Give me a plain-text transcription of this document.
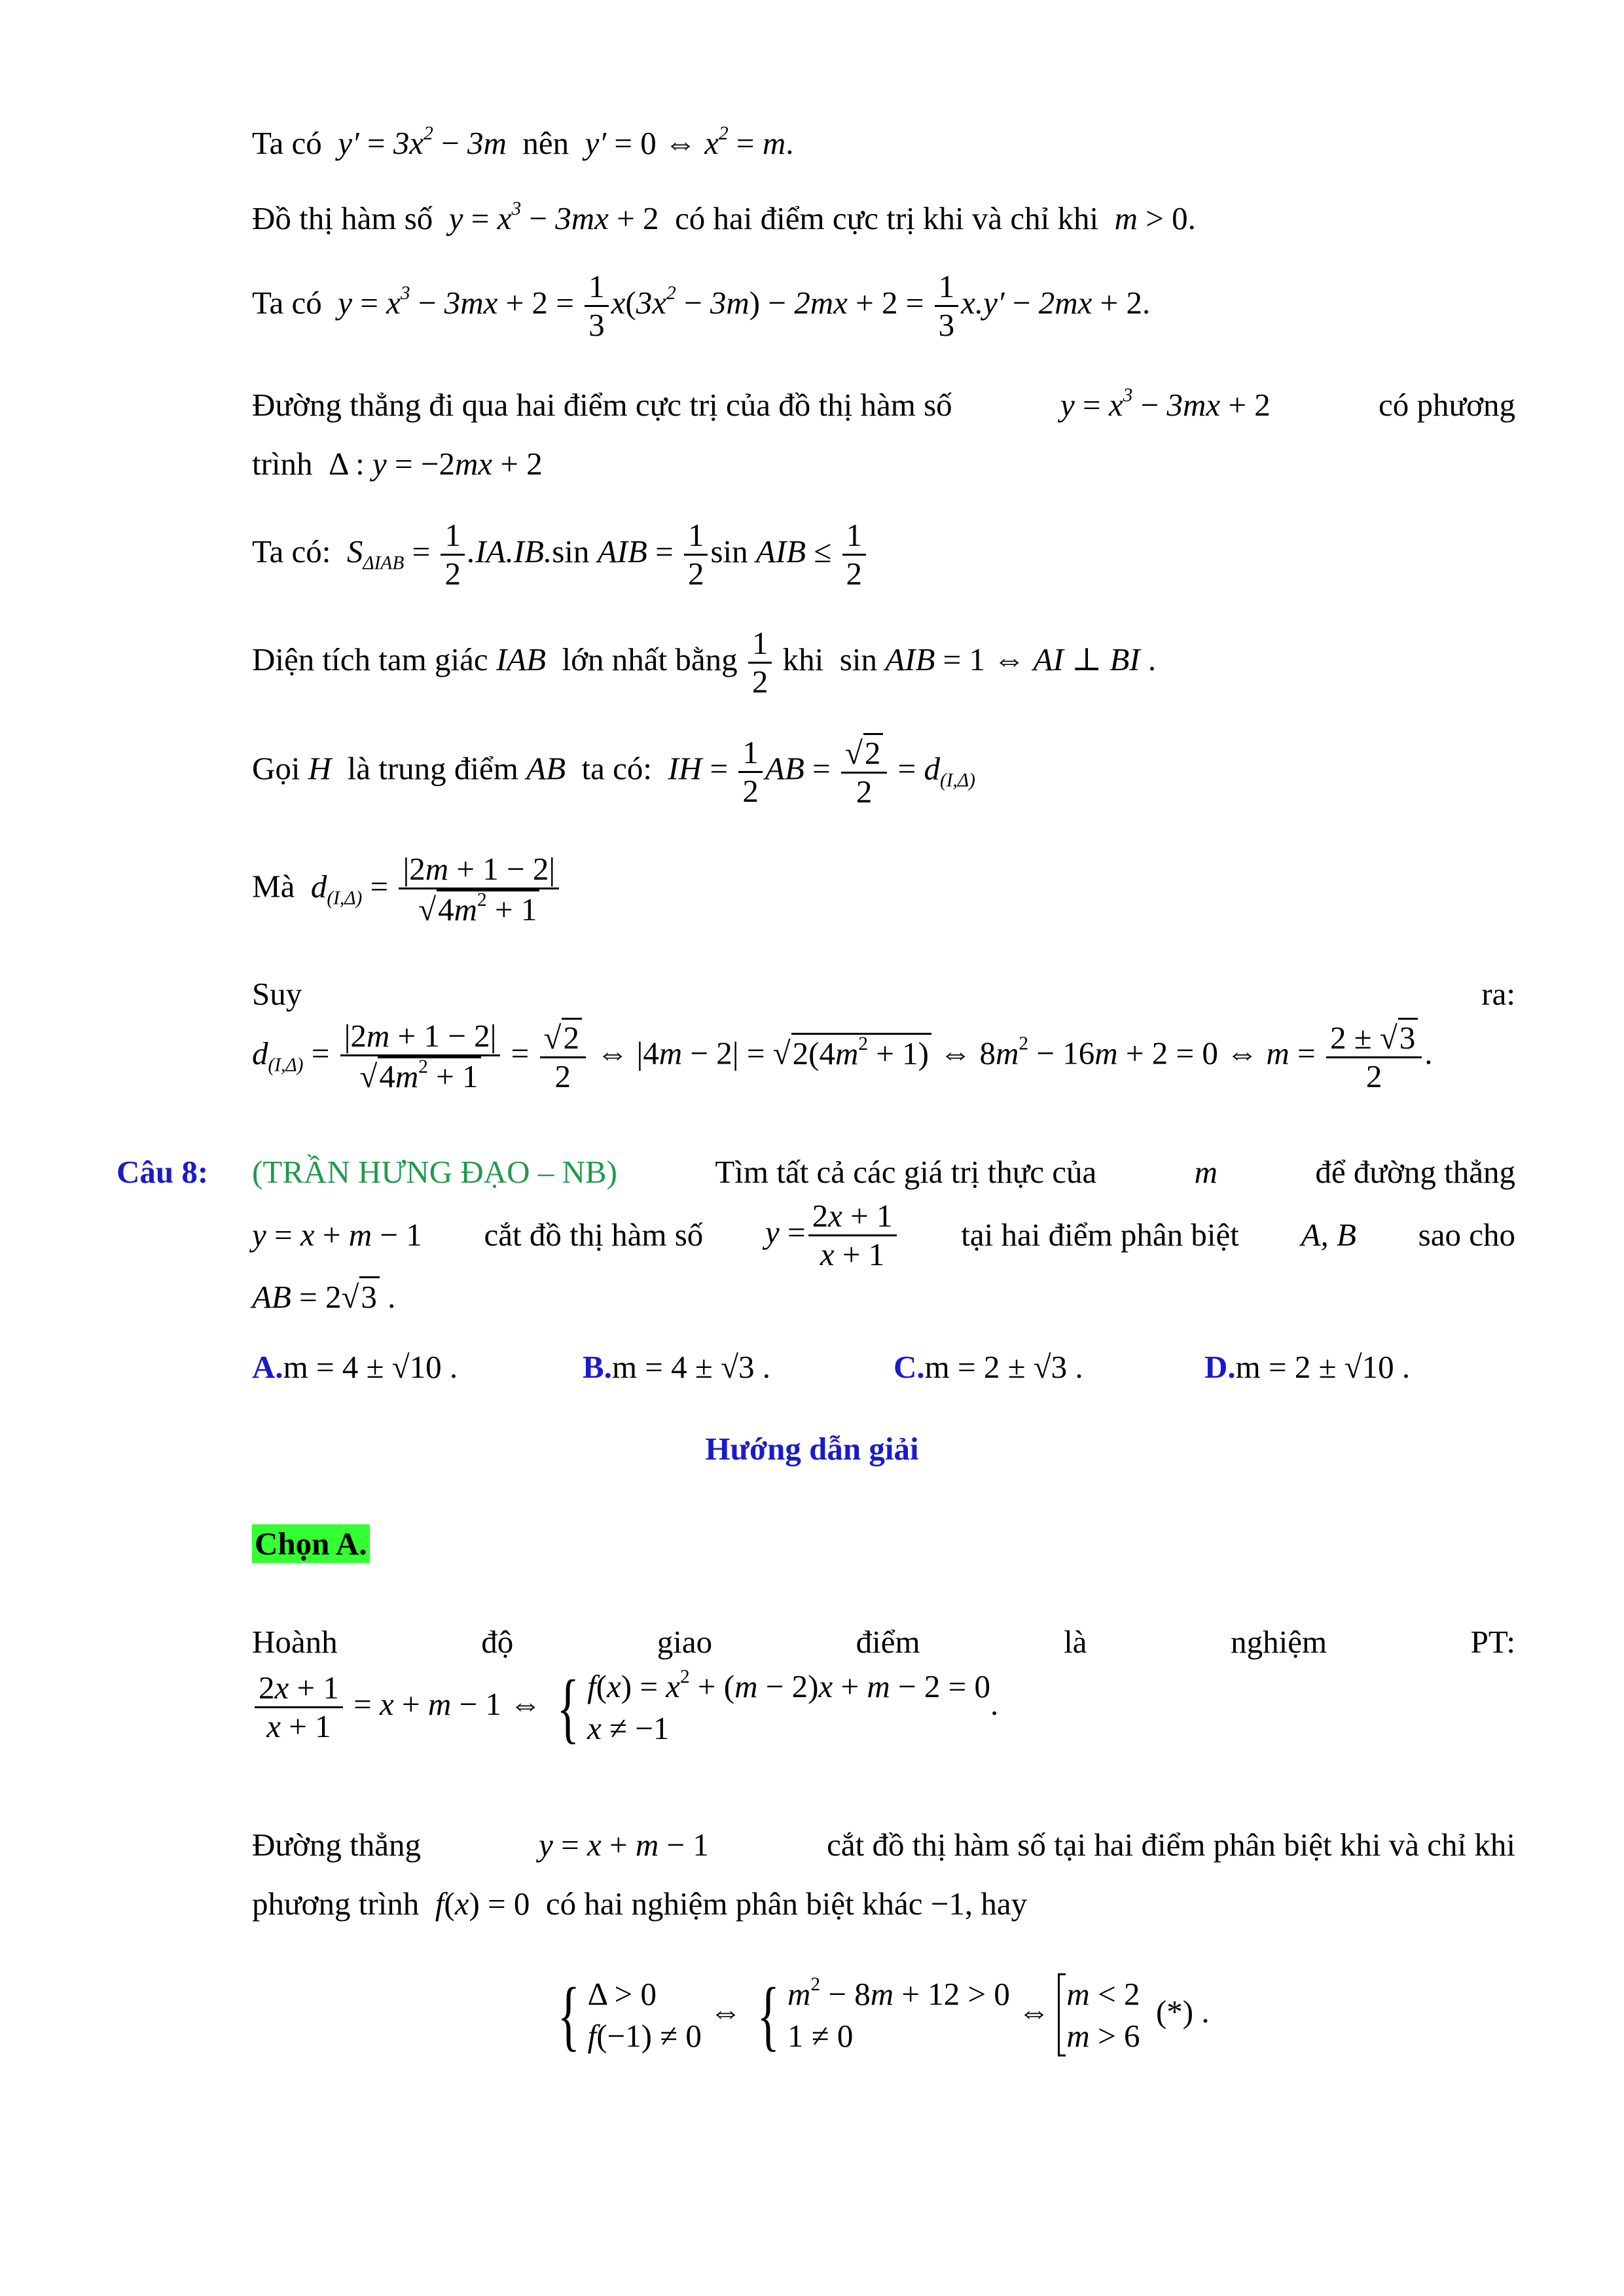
Ta có $y' = 3x^2 - 3m$ nên y′ = 0 ⇔ $x^2 = m$.
Đồ thị hàm số $y = x^3 - 3mx + 2$ có hai điểm cực trị khi và chỉ khi m > 0.
Ta có $y = x^3 - 3mx + 2 = \frac{1}{3} x(3x^2 - 3m) - 2mx + 2 = \frac{1}{3} x.y' - 2mx + 2$.
Đường thẳng đi qua hai điểm cực trị của đồ thị hàm số	$y = x^3 - 3mx + 2$	có phương
trình Δ : y = −2mx + 2
Ta có: $S_{\Delta IAB} = \frac{1}{2} .IA.IB.\sin$ AIB = $\frac{1}{2}$ sin AIB ≤ $\frac{1}{2}$
Diện tích tam giác IAB lớn nhất bằng $\frac{1}{2}$ khi  sin AIB = 1 ⇔ AI ⊥ BI .
Gọi H là trung điểm AB ta có: IH = $\frac{1}{2}$ AB = $\frac{√2}{2} = d_{(I,\Delta)}$
Mà $d_{(I,\Delta)} = \frac{|2m + 1 - 2|}{√4m^2 + 1}$
Suy	ra:
$d_{(I,\Delta)} = \frac{|2m + 1 - 2|}{√4m^2 + 1} = \frac{√2}{2}$ ⇔ $|4m - 2| = √2(4m^2 + 1)$ ⇔ $8m^2 - 16m + 2 = 0$ ⇔ $m = \frac{2 \pm √3}{2}$ .
Câu 8: (TRẦN HƯNG ĐẠO – NB)	Tìm tất cả các giá trị thực của	m	để đường thẳng
y = x + m − 1 cắt đồ thị hàm số $y = \frac{2x + 1}{x + 1}$ tại hai điểm phân biệt A, B sao cho
AB = 2√3 .
A.m = 4 ± √10 .	B.m = 4 ± √3 .	C.m = 2 ± √3 .	D.m = 2 ± √10 .
Hướng dẫn giải
Chọn A.
Hoành	độ	giao	điểm	là	nghiệm	PT:
$\frac{2x + 1}{x + 1} = x + m - 1$ ⇔ { $f(x) = x^2 + (m - 2)x + m - 2 = 0$
x ≠ −1
.
Đường thẳng	y = x + m − 1	cắt đồ thị hàm số tại hai điểm phân biệt khi và chỉ khi
phương trình f(x) = 0  có hai nghiệm phân biệt khác −1, hay
{ Δ > 0
f(−1) ≠ 0
⇔ { $m^2 - 8m + 12 > 0$
1 ≠ 0
⇔ m < 2
m > 6
(*) .
